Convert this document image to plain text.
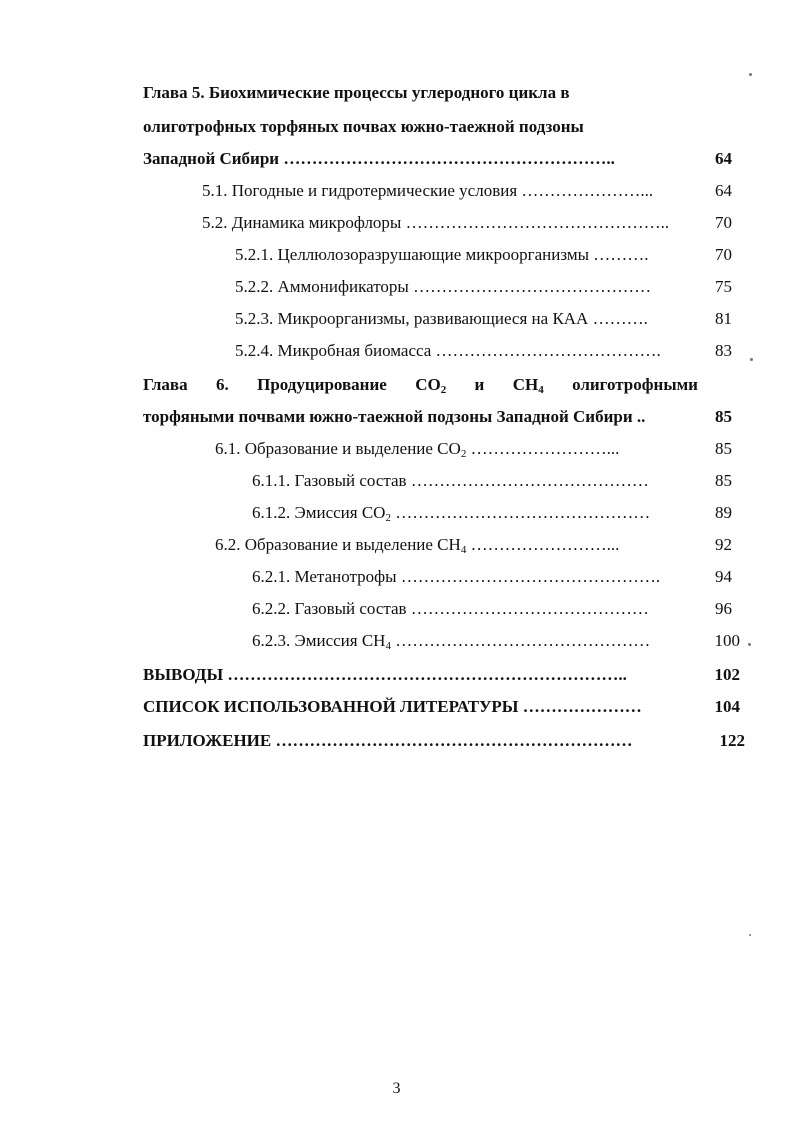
Глава 5. Биохимические процессы углеродного цикла в
олиготрофных торфяных почвах южно-таежной подзоны
Западной Сибири …………………………………………………..	64
5.1. Погодные и гидротермические условия …………………...	64
5.2. Динамика микрофлоры ………………………………………..	70
5.2.1. Целлюлозоразрушающие микроорганизмы ……….	70
5.2.2. Аммонификаторы ……………………………………	75
5.2.3. Микроорганизмы, развивающиеся на КАА ……….	81
5.2.4. Микробная биомасса ………………………………….	83
Глава 6. Продуцирование $CO_2$ и $CH_4$ олиготрофными
торфяными почвами южно-таежной подзоны Западной Сибири ..	85
6.1. Образование и выделение $CO_2$ ……………………...	85
6.1.1. Газовый состав ……………………………………	85
6.1.2. Эмиссия $CO_2$ ………………………………………	89
6.2. Образование и выделение $CH_4$ ……………………...	92
6.2.1. Метанотрофы ……………………………………….	94
6.2.2. Газовый состав ……………………………………	96
6.2.3. Эмиссия $CH_4$ ………………………………………	100
ВЫВОДЫ ……………………………………………………………..	102
СПИСОК ИСПОЛЬЗОВАННОЙ ЛИТЕРАТУРЫ …………………	104
ПРИЛОЖЕНИЕ ………………………………………………………	122
3
